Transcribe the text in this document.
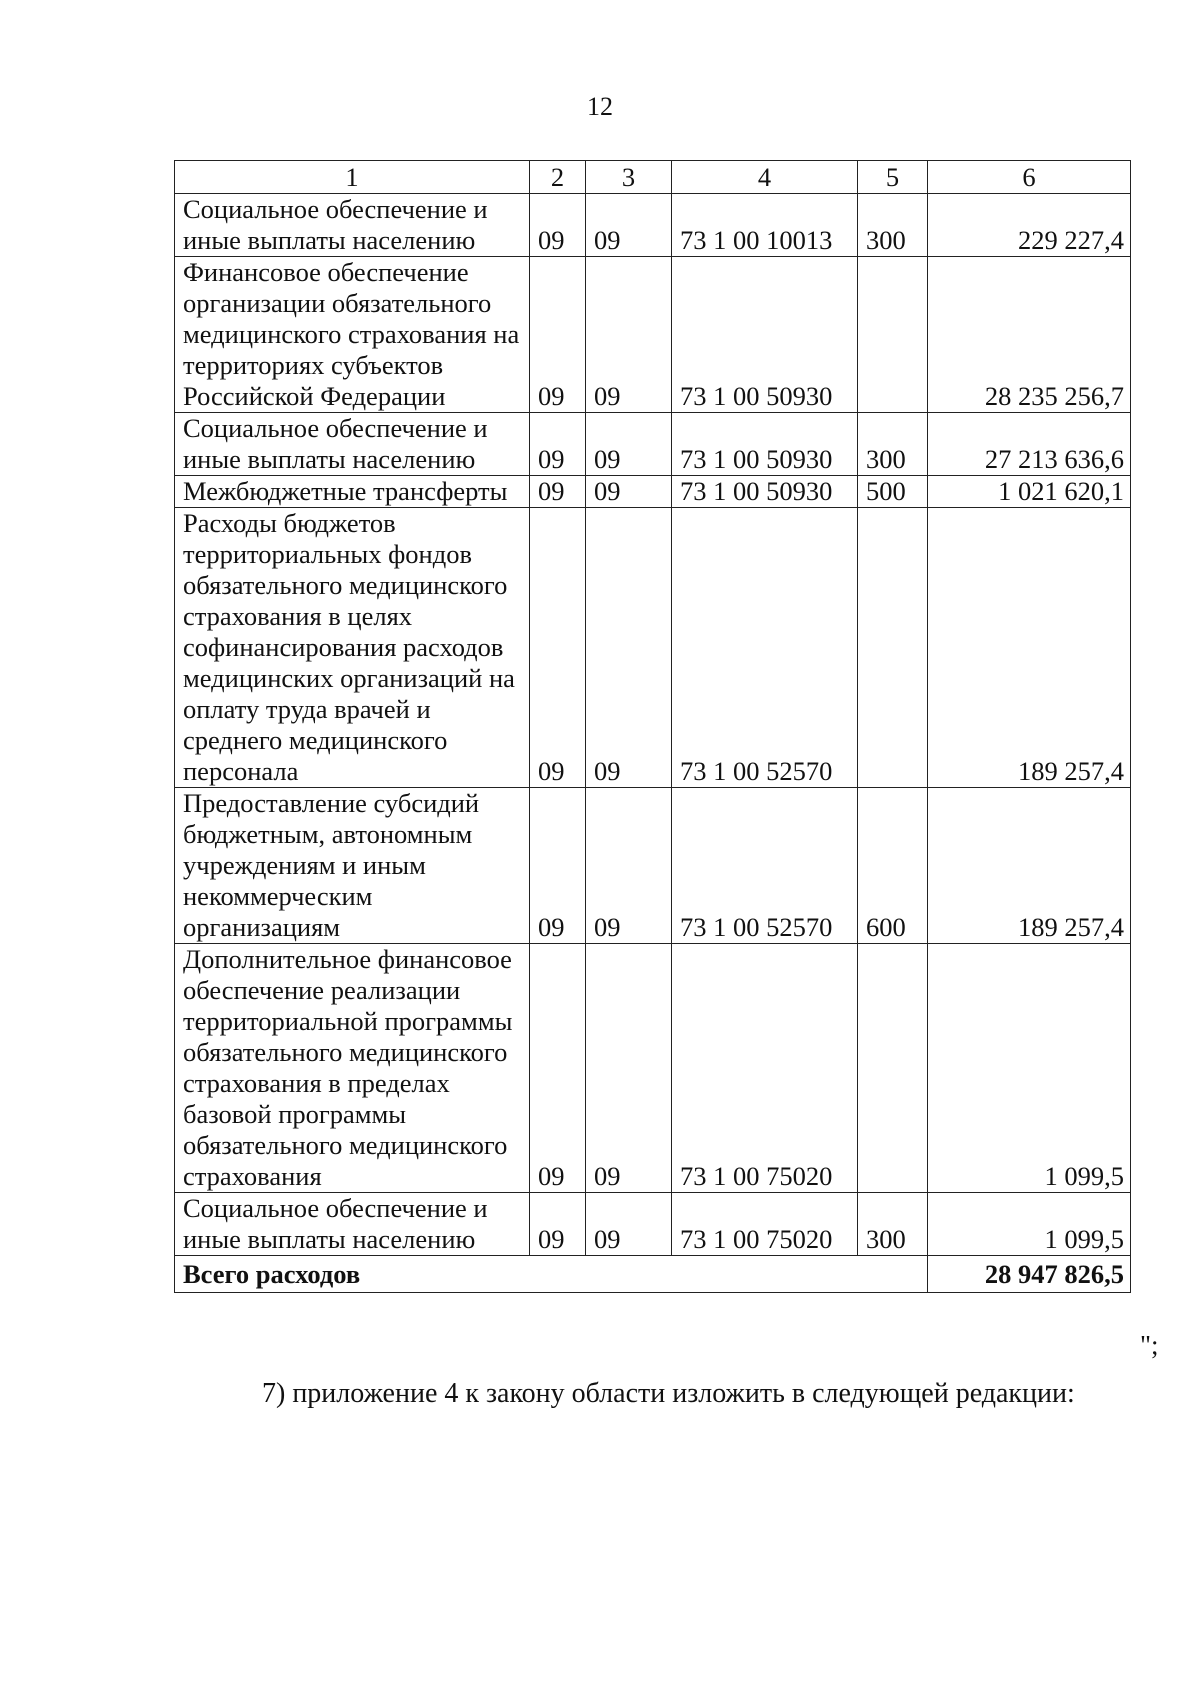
12
1	2	3	4	5	6
Социальное обеспечение и иные выплаты населению	09	09	73 1 00 10013	300	229 227,4
Финансовое обеспечение организации обязательного медицинского страхования на территориях субъектов Российской Федерации	09	09	73 1 00 50930		28 235 256,7
Социальное обеспечение и иные выплаты населению	09	09	73 1 00 50930	300	27 213 636,6
Межбюджетные трансферты	09	09	73 1 00 50930	500	1 021 620,1
Расходы бюджетов территориальных фондов обязательного медицинского страхования в целях софинансирования расходов медицинских организаций на оплату труда врачей и среднего медицинского персонала	09	09	73 1 00 52570		189 257,4
Предоставление субсидий бюджетным, автономным учреждениям и иным некоммерческим организациям	09	09	73 1 00 52570	600	189 257,4
Дополнительное финансовое обеспечение реализации территориальной программы обязательного медицинского страхования в пределах базовой программы обязательного медицинского страхования	09	09	73 1 00 75020		1 099,5
Социальное обеспечение и иные выплаты населению	09	09	73 1 00 75020	300	1 099,5
Всего расходов					28 947 826,5
";
7) приложение 4 к закону области изложить в следующей редакции:
